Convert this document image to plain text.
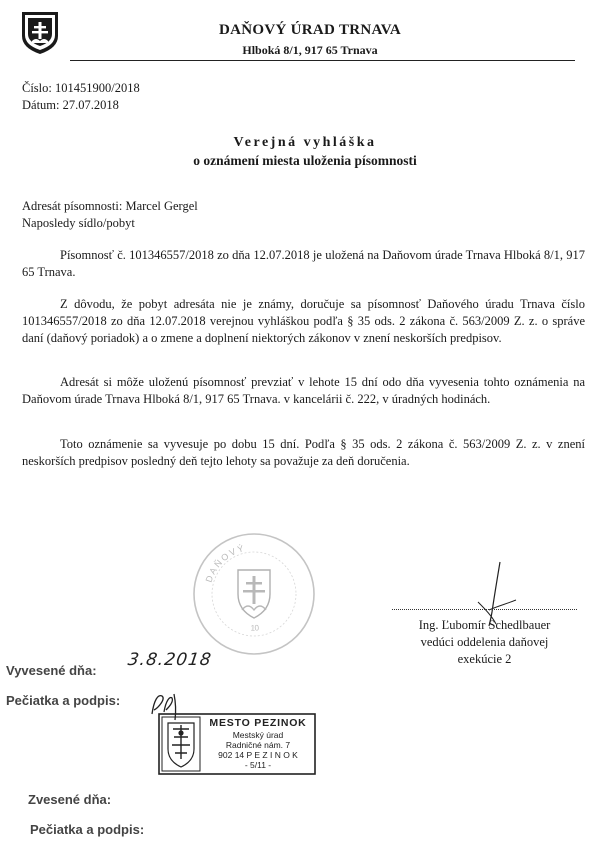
DAŇOVÝ ÚRAD TRNAVA
Hlboká 8/1, 917 65 Trnava
Číslo: 101451900/2018
Dátum: 27.07.2018
Verejná vyhláška
o oznámení miesta uloženia písomnosti
Adresát písomnosti: Marcel Gergel
Naposledy sídlo/pobyt
Písomnosť č. 101346557/2018 zo dňa 12.07.2018 je uložená na Daňovom úrade Trnava Hlboká 8/1, 917 65 Trnava.
Z dôvodu, že pobyt adresáta nie je známy, doručuje sa písomnosť Daňového úradu Trnava číslo 101346557/2018 zo dňa 12.07.2018 verejnou vyhláškou podľa § 35 ods. 2 zákona č. 563/2009 Z. z. o správe daní (daňový poriadok) a o zmene a doplnení niektorých zákonov v znení neskorších predpisov.
Adresát si môže uloženú písomnosť prevziať v lehote 15 dní odo dňa vyvesenia tohto oznámenia na Daňovom úrade Trnava Hlboká 8/1, 917 65 Trnava. v kancelárii č. 222, v úradných hodinách.
Toto oznámenie sa vyvesuje po dobu 15 dní. Podľa § 35 ods. 2 zákona č. 563/2009 Z. z. v znení neskorších predpisov posledný deň tejto lehoty sa považuje za deň doručenia.
DAŇOVÝ
10	Ing. Ľubomír Schedlbauer
vedúci oddelenia daňovej
exekúcie 2
Vyvesené dňa:
3.8.2018
Pečiatka a podpis:
MESTO PEZINOK
Mestský úrad
Radničné nám. 7
902 14 P E Z I N O K
- 5/11 -
Zvesené dňa:
Pečiatka a podpis:
